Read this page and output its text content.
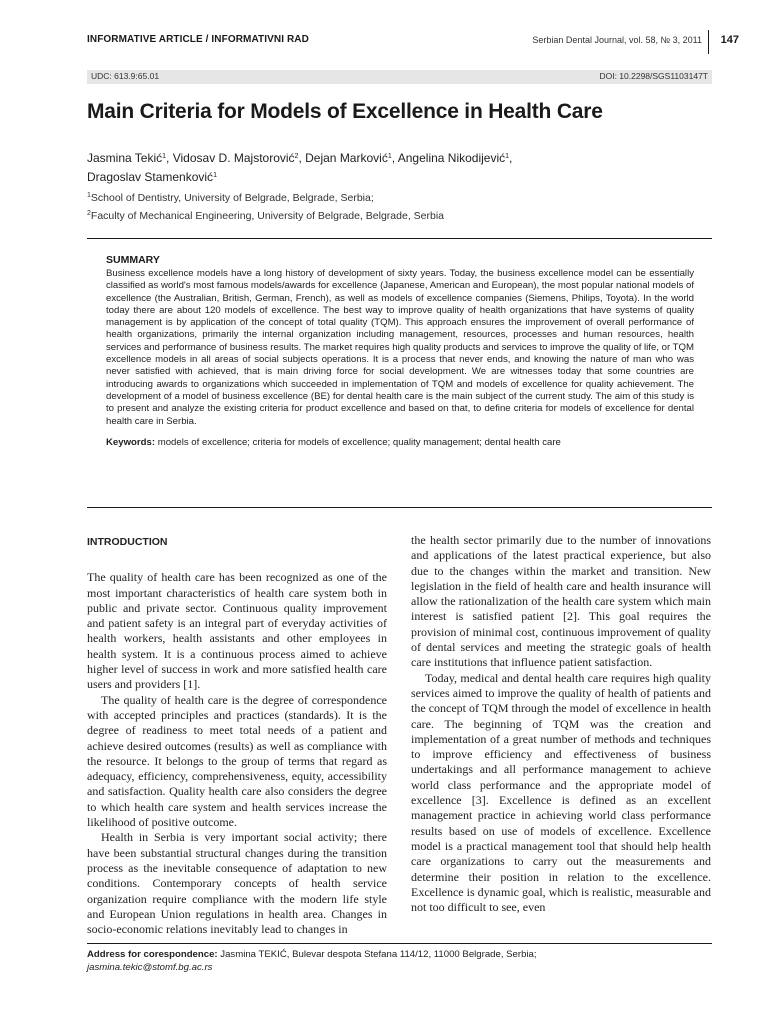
INFORMATIVE ARTICLE / INFORMATIVNI RAD	Serbian Dental Journal, vol. 58, № 3, 2011 147
UDC: 613.9:65.01	DOI: 10.2298/SGS1103147T
Main Criteria for Models of Excellence in Health Care
Jasmina Tekić$^1$, Vidosav D. Majstorović$^2$, Dejan Marković$^1$, Angelina Nikodijević$^1$,
Dragoslav Stamenković$^1$
$^1$School of Dentistry, University of Belgrade, Belgrade, Serbia;
$^2$Faculty of Mechanical Engineering, University of Belgrade, Belgrade, Serbia
SUMMARY

Business excellence models have a long history of development of sixty years. Today, the business excellence model can be essentially classified as world's most famous models/awards for excellence (Japanese, American and European), the most popular national models of excellence (the Australian, British, German, French), as well as models of excellence companies (Siemens, Philips, Toyota). In the world today there are about 120 models of excellence. The best way to improve quality of health organizations that have systems of quality management is by application of the concept of total quality (TQM). This approach ensures the improvement of overall performance of health organizations, primarily the internal organization including management, resources, processes and human resources, health services and performance of business results. The market requires high quality products and services to improve the quality of life, or TQM excellence models in all areas of social subjects operations. It is a process that never ends, and knowing the nature of man who was never satisfied with achieved, that is main driving force for social development. We are witnesses today that some countries are introducing awards to organizations which succeeded in implementation of TQM and models of excellence for quality achievement. The development of a model of business excellence (BE) for dental health care is the main subject of the current study. The aim of this study is to present and analyze the existing criteria for product excellence and based on that, to define criteria for models of excellence for dental health care in Serbia.

Keywords: models of excellence; criteria for models of excellence; quality management; dental health care
INTRODUCTION

The quality of health care has been recognized as one of the most important characteristics of health care system both in public and private sector. Continuous quality improvement and patient safety is an integral part of everyday activities of health workers, health assistants and other employees in health system. It is a continuous process aimed to achieve higher level of success in work and more satisfied health care users and providers [1].

The quality of health care is the degree of correspondence with accepted principles and practices (standards). It is the degree of readiness to meet total needs of a patient and achieve desired outcomes (results) as well as compliance with the resource. It belongs to the group of terms that regard as adequacy, efficiency, comprehensiveness, equity, accessibility and satisfaction. Quality health care also considers the degree to which health care system and health services increase the likelihood of positive outcome.

Health in Serbia is very important social activity; there have been substantial structural changes during the transition process as the inevitable consequence of adaptation to new conditions. Contemporary concepts of health service organization require compliance with the modern life style and European Union regulations in health area. Changes in socio-economic relations inevitably lead to changes in

the health sector primarily due to the number of innovations and applications of the latest practical experience, but also due to the changes within the market and transition. New legislation in the field of health care and health insurance will allow the rationalization of the health care system which main interest is satisfied patient [2]. This goal requires the provision of minimal cost, continuous improvement of quality of dental services and meeting the strategic goals of health care institutions that influence patient satisfaction.

Today, medical and dental health care requires high quality services aimed to improve the quality of health of patients and the concept of TQM through the model of excellence in health care. The beginning of TQM was the creation and implementation of a great number of methods and techniques to improve efficiency and effectiveness of business undertakings and all performance management to achieve world class performance and the appropriate model of excellence [3]. Excellence is defined as an excellent management practice in achieving world class performance results based on use of models of excellence. Excellence model is a practical management tool that should help health care organizations to carry out the measurements and determine their position in relation to the excellence. Excellence is dynamic goal, which is realistic, measurable and not too difficult to see, even

Address for corespondence: Jasmina TEKIĆ, Bulevar despota Stefana 114/12, 11000 Belgrade, Serbia;
jasmina.tekic@stomf.bg.ac.rs
